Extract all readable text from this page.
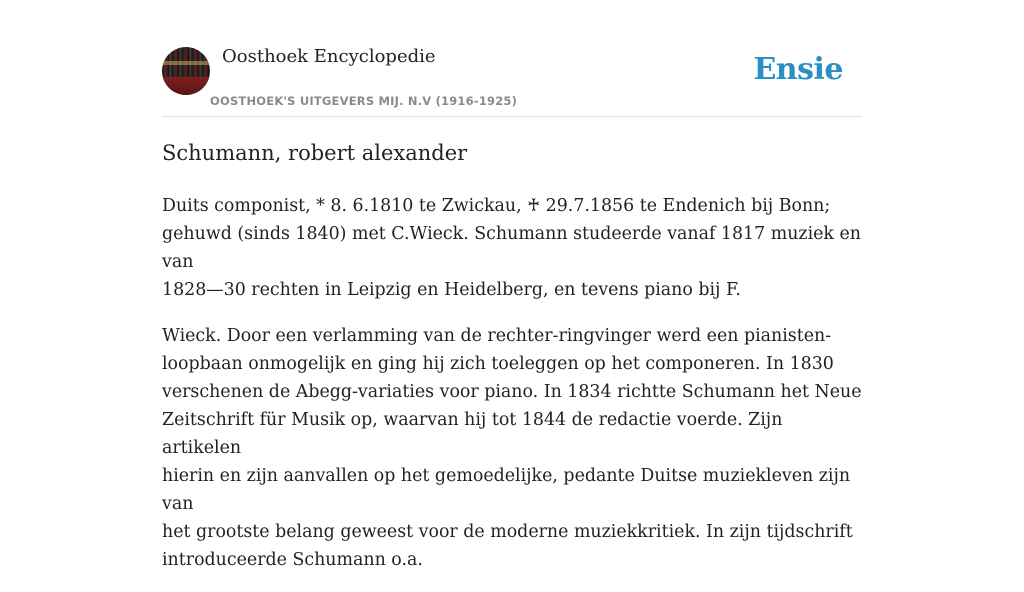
Oosthoek Encyclopedie
OOSTHOEK'S UITGEVERS MIJ. N.V (1916-1925)
Ensie
Schumann, robert alexander

Duits componist, * 8. 6.1810 te Zwickau, ♰ 29.7.1856 te Endenich bij Bonn;
gehuwd (sinds 1840) met C.Wieck. Schumann studeerde vanaf 1817 muziek en van
1828—30 rechten in Leipzig en Heidelberg, en tevens piano bij F.

Wieck. Door een verlamming van de rechter-ringvinger werd een pianisten-
loopbaan onmogelijk en ging hij zich toeleggen op het componeren. In 1830
verschenen de Abegg-variaties voor piano. In 1834 richtte Schumann het Neue
Zeitschrift für Musik op, waarvan hij tot 1844 de redactie voerde. Zijn artikelen
hierin en zijn aanvallen op het gemoedelijke, pedante Duitse muziekleven zijn van
het grootste belang geweest voor de moderne muziekkritiek. In zijn tijdschrift
introduceerde Schumann o.a.
